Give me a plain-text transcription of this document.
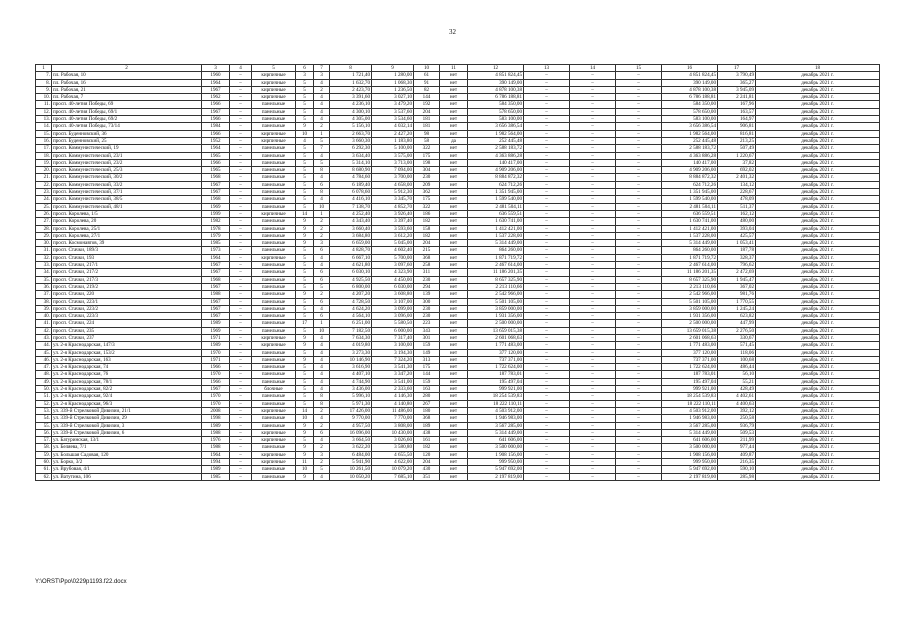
32
1	2	3	4	5	6	7	8	9	10	11	12	13	14	15	16	17	18
7.	пл. Рабочая, 10	1960	–	кирпичные	3	3	1 721,40	1 280,00	61	нет	4 851 824,45	–	–	–	4 851 824,45	3 790,49	декабрь 2021 г.
8.	пл. Рабочая, 16	1964	–	кирпичные	5	4	1 632,70	1 068,30	91	нет	390 149,00	–	–	–	390 149,00	365,27	декабрь 2021 г.
9.	пл. Рабочая, 21	1967	–	кирпичные	5	2	2 423,70	1 236,50	82	нет	4 878 100,38	–	–	–	4 878 100,38	3 945,09	декабрь 2021 г.
10.	пл. Рабочая, 7	1962	–	кирпичные	5	4	3 391,60	3 027,10	144	нет	6 786 188,81	–	–	–	6 786 188,81	2 241,81	декабрь 2021 г.
11.	просп. 40-летия Победы, 69	1966	–	панельные	5	4	4 236,10	3 479,20	192	нет	584 350,00	–	–	–	584 350,00	167,96	декабрь 2021 г.
12.	просп. 40-летия Победы, 69/1	1967	–	панельные	5	4	4 300,10	3 537,60	204	нет	578 650,00	–	–	–	578 650,00	163,57	декабрь 2021 г.
13.	просп. 40-летия Победы, 69/2	1966	–	панельные	5	4	4 305,00	3 534,60	181	нет	583 100,00	–	–	–	583 100,00	164,97	декабрь 2021 г.
14.	просп. 40-летия Победы, 73/14	1984	–	панельные	9	2	5 156,10	4 032,14	181	нет	3 656 386,54	–	–	–	3 656 386,54	906,81	декабрь 2021 г.
15.	просп. Буденновский, 36	1966	–	кирпичные	10	1	2 663,70	2 427,20	98	нет	1 982 564,00	–	–	–	1 982 564,00	816,81	декабрь 2021 г.
16.	просп. Буденновский, 25	1952	–	кирпичные	4	5	3 660,30	1 183,80	58	да	252 445,48	–	–	–	252 445,48	213,25	декабрь 2021 г.
17.	просп. Коммунистический, 19	1964	–	панельные	5	7	6 292,30	5 100,00	322	нет	2 588 183,72	–	–	–	2 588 183,72	507,49	декабрь 2021 г.
18.	просп. Коммунистический, 23/1	1965	–	панельные	5	4	3 634,40	3 575,00	175	нет	4 363 886,28	–	–	–	4 363 886,28	1 220,67	декабрь 2021 г.
19.	просп. Коммунистический, 23/2	1966	–	панельные	5	5	5 314,10	3 713,00	198	нет	140 417,00	–	–	–	140 417,00	37,82	декабрь 2021 г.
20.	просп. Коммунистический, 25/3	1965	–	панельные	5	8	8 680,90	7 094,00	304	нет	4 909 206,00	–	–	–	4 909 206,00	692,02	декабрь 2021 г.
21.	просп. Коммунистический, 30/2	1968	–	панельные	5	4	4 784,60	3 700,00	230	нет	8 884 872,32	–	–	–	8 884 872,32	2 401,32	декабрь 2021 г.
22.	просп. Коммунистический, 33/2	1967	–	панельные	5	6	6 189,40	4 658,00	209	нет	624 712,26	–	–	–	624 712,26	134,12	декабрь 2021 г.
23.	просп. Коммунистический, 37/1	1967	–	панельные	5	8	6 078,60	5 912,30	362	нет	1 351 945,00	–	–	–	1 351 945,00	228,67	декабрь 2021 г.
24.	просп. Коммунистический, 38/5	1968	–	панельные	5	4	4 416,10	3 345,70	175	нет	1 599 540,00	–	–	–	1 599 540,00	478,09	декабрь 2021 г.
25.	просп. Коммунистический, 48/1	1969	–	панельные	5	10	7 138,70	4 852,70	322	нет	2 481 504,11	–	–	–	2 481 504,11	511,37	декабрь 2021 г.
26.	просп. Королева, 1/5	1999	–	кирпичные	14	1	4 252,40	3 926,40	186	нет	636 559,51	–	–	–	636 559,51	162,12	декабрь 2021 г.
27.	просп. Королева, 20	1982	–	панельные	9	2	4 343,40	3 397,40	182	нет	1 630 741,00	–	–	–	1 630 741,00	480,00	декабрь 2021 г.
28.	просп. Королева, 25/1	1978	–	панельные	9	2	3 660,40	3 593,60	158	нет	1 412 421,00	–	–	–	1 412 421,00	393,04	декабрь 2021 г.
29.	просп. Королева, 27/1	1979	–	панельные	9	2	3 684,80	3 612,20	182	нет	1 537 228,00	–	–	–	1 537 228,00	425,57	декабрь 2021 г.
30.	просп. Космонавтов, 39	1985	–	панельные	9	3	6 659,00	5 045,00	204	нет	5 314 449,00	–	–	–	5 314 449,00	1 053,41	декабрь 2021 г.
31.	просп. Стачки, 189/3	1973	–	панельные	5	6	4 828,70	4 602,40	215	нет	864 260,00	–	–	–	864 260,00	187,78	декабрь 2021 г.
32.	просп. Стачки, 193	1964	–	кирпичные	5	4	6 667,10	5 700,00	368	нет	1 871 719,72	–	–	–	1 871 719,72	328,37	декабрь 2021 г.
33.	просп. Стачки, 217/1	1967	–	панельные	5	4	4 621,80	3 097,60	258	нет	2 467 614,00	–	–	–	2 467 614,00	796,62	декабрь 2021 г.
34.	просп. Стачки, 217/2	1967	–	панельные	5	6	6 030,10	4 323,90	311	нет	11 186 201,35	–	–	–	11 186 201,35	2 472,69	декабрь 2021 г.
35.	просп. Стачки, 217/3	1968	–	панельные	5	6	4 925,50	4 450,00	230	нет	8 657 325,90	–	–	–	8 657 325,90	1 945,47	декабрь 2021 г.
36.	просп. Стачки, 219/2	1967	–	панельные	5	5	6 800,00	6 030,00	294	нет	2 213 110,66	–	–	–	2 213 110,66	367,02	декабрь 2021 г.
37.	просп. Стачки, 220	1988	–	панельные	9	2	4 207,20	3 608,80	139	нет	2 542 966,00	–	–	–	2 542 966,00	981,76	декабрь 2021 г.
38.	просп. Стачки, 223/1	1967	–	панельные	5	6	4 728,50	3 107,00	300	нет	5 501 105,00	–	–	–	5 501 105,00	1 770,55	декабрь 2021 г.
39.	просп. Стачки, 223/2	1967	–	панельные	5	4	4 624,20	3 099,00	230	нет	3 859 000,00	–	–	–	3 859 000,00	1 245,24	декабрь 2021 г.
40.	просп. Стачки, 223/3	1967	–	панельные	5	6	4 564,10	3 096,00	230	нет	1 931 356,00	–	–	–	1 931 356,00	623,82	декабрь 2021 г.
41.	просп. Стачки, 224	1989	–	панельные	17	1	6 251,00	5 580,50	223	нет	2 500 000,00	–	–	–	2 500 000,00	447,99	декабрь 2021 г.
42.	просп. Стачки, 235	1969	–	панельные	5	10	7 182,50	6 000,00	343	нет	13 659 015,38	–	–	–	13 659 015,38	2 276,50	декабрь 2021 г.
43.	просп. Стачки, 237	1971	–	кирпичные	9	4	7 634,30	7 317,40	301	нет	2 601 068,63	–	–	–	2 601 068,63	330,67	декабрь 2021 г.
44.	ул. 2-я Краснодарская, 147/3	1989	–	кирпичные	9	4	4 019,80	3 100,00	159	нет	1 771 483,00	–	–	–	1 771 483,00	571,45	декабрь 2021 г.
45.	ул. 2-я Краснодарская, 153/2	1970	–	панельные	5	4	3 273,30	3 194,30	149	нет	377 120,00	–	–	–	377 120,00	118,06	декабрь 2021 г.
46.	ул. 2-я Краснодарская, 163	1971	–	панельные	9	4	10 146,90	7 324,20	313	нет	737 371,00	–	–	–	737 371,00	100,68	декабрь 2021 г.
47.	ул. 2-я Краснодарская, 74	1966	–	панельные	5	4	3 616,90	3 541,30	175	нет	1 722 624,00	–	–	–	1 722 624,00	486,44	декабрь 2021 г.
48.	ул. 2-я Краснодарская, 76	1970	–	панельные	5	4	4 407,10	3 347,20	144	нет	187 783,01	–	–	–	187 783,01	56,10	декабрь 2021 г.
49.	ул. 2-я Краснодарская, 78/1	1966	–	панельные	5	4	4 744,90	3 541,00	159	нет	195 497,04	–	–	–	195 497,04	55,21	декабрь 2021 г.
50.	ул. 2-я Краснодарская, 82/2	1967	–	блочные	5	4	3 436,00	2 333,60	163	нет	999 921,00	–	–	–	999 921,00	428,49	декабрь 2021 г.
51.	ул. 2-я Краснодарская, 92/4	1970	–	панельные	5	8	5 996,10	4 146,30	280	нет	18 254 539,83	–	–	–	18 254 539,83	4 402,61	декабрь 2021 г.
52.	ул. 2-я Краснодарская, 96/3	1970	–	панельные	5	8	5 971,30	4 140,80	267	нет	18 222 110,11	–	–	–	18 222 110,11	4 400,63	декабрь 2021 г.
53.	ул. 339-й Стрелковой Дивизии, 21/1	2008	–	кирпичные	14	2	17 426,00	11 486,00	180	нет	4 503 912,00	–	–	–	4 503 912,00	392,12	декабрь 2021 г.
54.	ул. 339-й Стрелковой Дивизии, 29	1998	–	панельные	10	4	9 770,00	7 770,00	368	нет	1 946 983,00	–	–	–	1 946 983,00	250,58	декабрь 2021 г.
55.	ул. 339-й Стрелковой Дивизии, 3	1989	–	панельные	9	2	4 957,50	3 808,00	189	нет	3 567 285,00	–	–	–	3 567 285,00	936,79	декабрь 2021 г.
56.	ул. 339-й Стрелковой Дивизии, 6	1988	–	кирпичные	9	6	16 096,00	10 430,00	438	нет	5 314 449,00	–	–	–	5 314 449,00	509,53	декабрь 2021 г.
57.	ул. Батуринская, 13/1	1976	–	кирпичные	5	4	3 664,50	3 026,60	161	нет	641 606,00	–	–	–	641 606,00	211,99	декабрь 2021 г.
58.	ул. Беляева, 7/1	1988	–	панельные	9	2	3 622,20	3 580,80	182	нет	3 500 000,00	–	–	–	3 500 000,00	977,44	декабрь 2021 г.
59.	ул. Большая Садовая, 120	1964	–	кирпичные	9	3	6 484,00	4 655,50	120	нет	1 908 156,00	–	–	–	1 908 156,00	409,87	декабрь 2021 г.
60.	ул. Борко, 3/2	1994	–	кирпичные	11	2	5 941,90	4 622,00	204	нет	999 950,00	–	–	–	999 950,00	216,35	декабрь 2021 г.
61.	ул. Врубовая, 4/1	1989	–	панельные	10	5	10 261,50	10 079,20	430	нет	5 947 692,00	–	–	–	5 947 692,00	590,10	декабрь 2021 г.
62.	ул. Ватутина, 106	1985	–	панельные	9	4	10 050,20	7 685,10	351	нет	2 197 819,00	–	–	–	2 197 819,00	285,98	декабрь 2021 г.
Y:\ORST\Ppo\0229p1193.f22.docx
